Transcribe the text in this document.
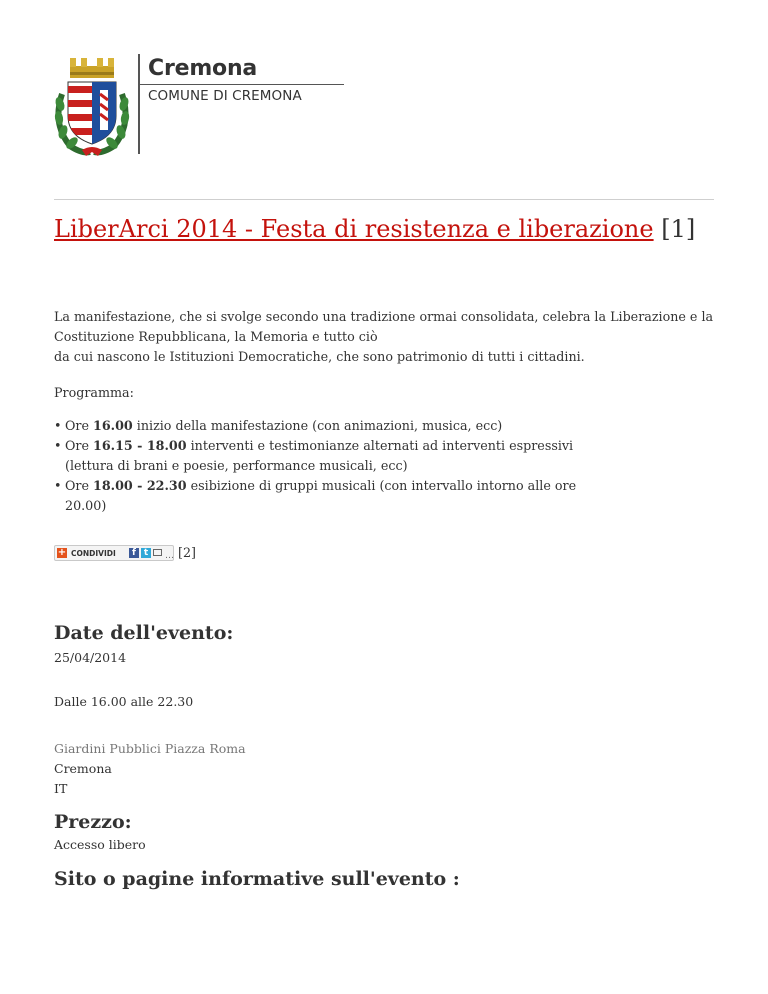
Cremona
COMUNE DI CREMONA
LiberArci 2014 - Festa di resistenza e liberazione [1]

La manifestazione, che si svolge secondo una tradizione ormai consolidata, celebra la Liberazione e la Costituzione Repubblicana, la Memoria e tutto ciò
da cui nascono le Istituzioni Democratiche, che sono patrimonio di tutti i cittadini.

Programma:

• Ore 16.00 inizio della manifestazione (con animazioni, musica, ecc)
• Ore 16.15 - 18.00 interventi e testimonianze alternati ad interventi espressivi (lettura di brani e poesie, performance musicali, ecc)
• Ore 18.00 - 22.30 esibizione di gruppi musicali (con intervallo intorno alle ore 20.00)
+ CONDIVIDI	f t	… [2]
Date dell'evento:

25/04/2014

Dalle 16.00 alle 22.30

Giardini Pubblici Piazza Roma
Cremona
IT

Prezzo:

Accesso libero

Sito o pagine informative sull'evento :
